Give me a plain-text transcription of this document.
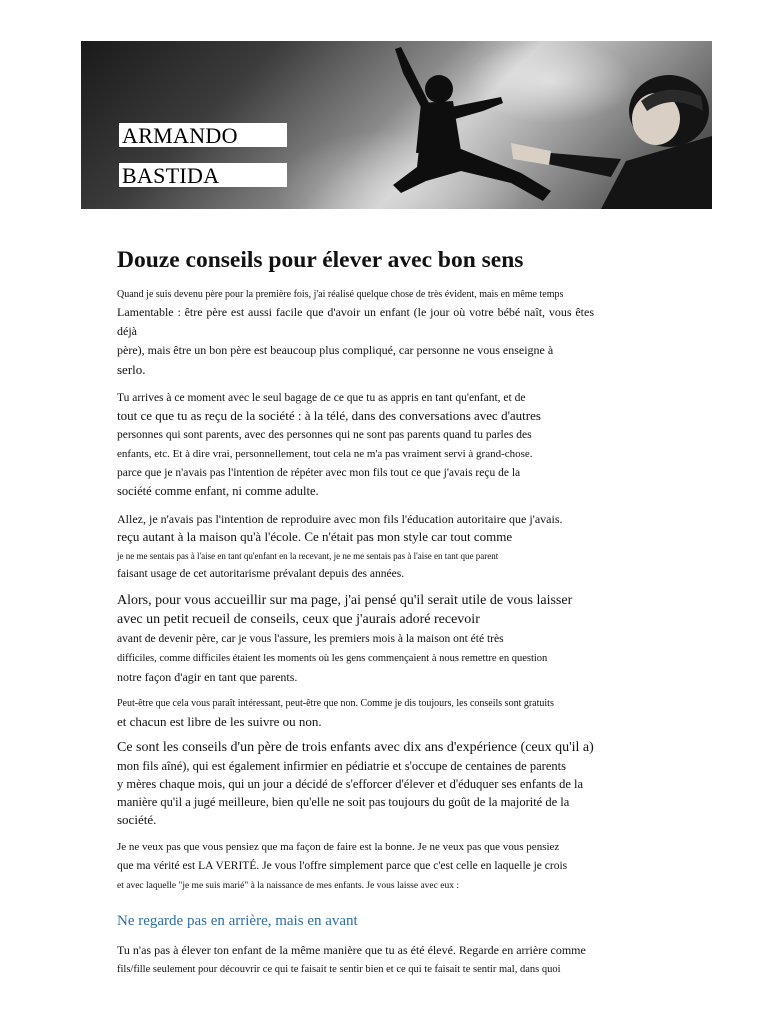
ARMANDO
BASTIDA
Douze conseils pour élever avec bon sens

Quand je suis devenu père pour la première fois, j'ai réalisé quelque chose de très évident, mais en même temps
Lamentable : être père est aussi facile que d'avoir un enfant (le jour où votre bébé naît, vous êtes déjà
père), mais être un bon père est beaucoup plus compliqué, car personne ne vous enseigne à
serlo.

Tu arrives à ce moment avec le seul bagage de ce que tu as appris en tant qu'enfant, et de
tout ce que tu as reçu de la société : à la télé, dans des conversations avec d'autres
personnes qui sont parents, avec des personnes qui ne sont pas parents quand tu parles des
enfants, etc. Et à dire vrai, personnellement, tout cela ne m'a pas vraiment servi à grand-chose.
parce que je n'avais pas l'intention de répéter avec mon fils tout ce que j'avais reçu de la
société comme enfant, ni comme adulte.

Allez, je n'avais pas l'intention de reproduire avec mon fils l'éducation autoritaire que j'avais.
reçu autant à la maison qu'à l'école. Ce n'était pas mon style car tout comme
je ne me sentais pas à l'aise en tant qu'enfant en la recevant, je ne me sentais pas à l'aise en tant que parent
faisant usage de cet autoritarisme prévalant depuis des années.

Alors, pour vous accueillir sur ma page, j'ai pensé qu'il serait utile de vous laisser
avec un petit recueil de conseils, ceux que j'aurais adoré recevoir
avant de devenir père, car je vous l'assure, les premiers mois à la maison ont été très
difficiles, comme difficiles étaient les moments où les gens commençaient à nous remettre en question
notre façon d'agir en tant que parents.

Peut-être que cela vous paraît intéressant, peut-être que non. Comme je dis toujours, les conseils sont gratuits
et chacun est libre de les suivre ou non.

Ce sont les conseils d'un père de trois enfants avec dix ans d'expérience (ceux qu'il a)
mon fils aîné), qui est également infirmier en pédiatrie et s'occupe de centaines de parents
y mères chaque mois, qui un jour a décidé de s'efforcer d'élever et d'éduquer ses enfants de la
manière qu'il a jugé meilleure, bien qu'elle ne soit pas toujours du goût de la majorité de la
société.

Je ne veux pas que vous pensiez que ma façon de faire est la bonne. Je ne veux pas que vous pensiez
que ma vérité est LA VERITÉ. Je vous l'offre simplement parce que c'est celle en laquelle je crois
et avec laquelle "je me suis marié" à la naissance de mes enfants. Je vous laisse avec eux :

Ne regarde pas en arrière, mais en avant

Tu n'as pas à élever ton enfant de la même manière que tu as été élevé. Regarde en arrière comme
fils/fille seulement pour découvrir ce qui te faisait te sentir bien et ce qui te faisait te sentir mal, dans quoi
